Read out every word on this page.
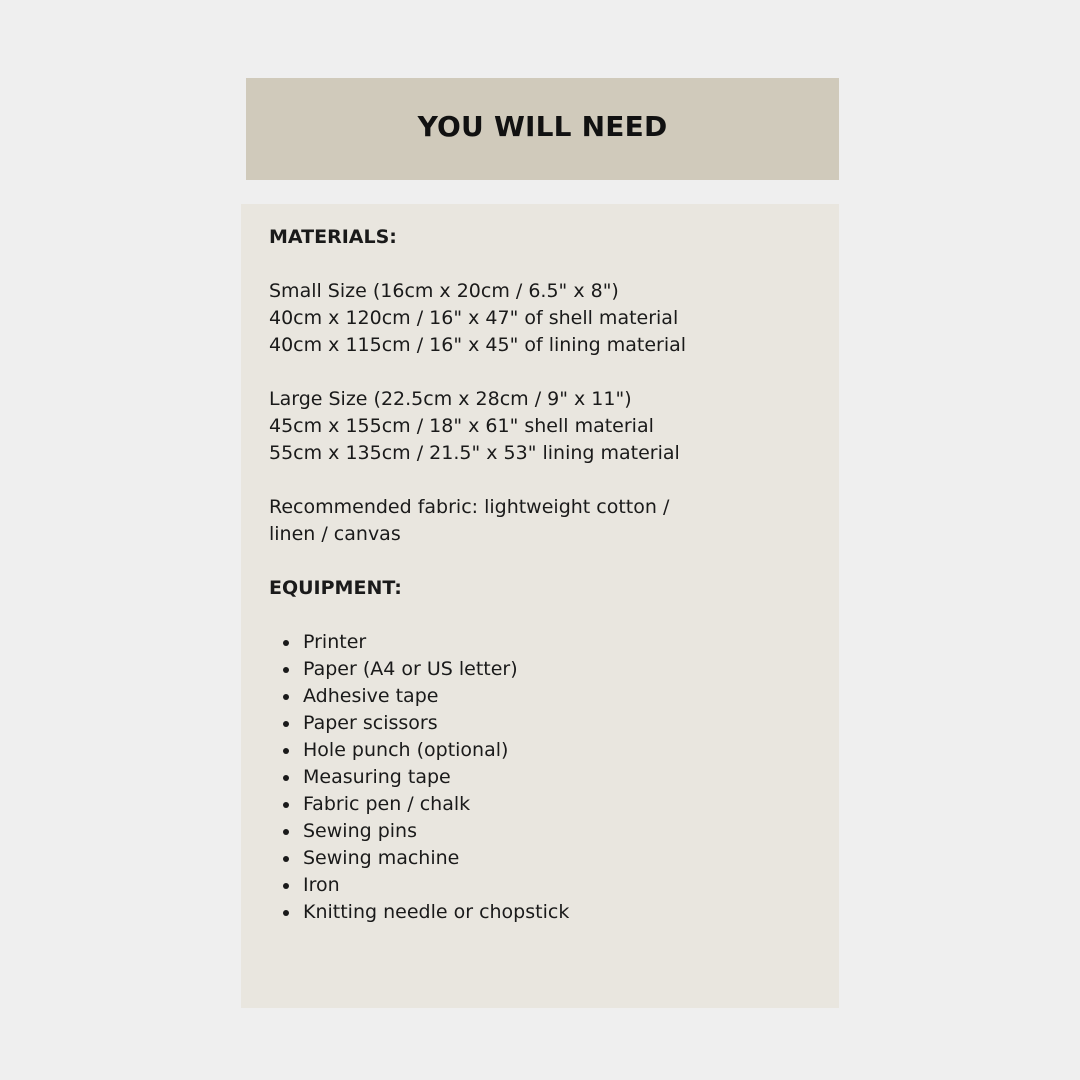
YOU WILL NEED
MATERIALS:
Small Size (16cm x 20cm / 6.5" x 8")
40cm x 120cm / 16" x 47" of shell material
40cm x 115cm / 16" x 45" of lining material
Large Size (22.5cm x 28cm / 9" x 11")
45cm x 155cm / 18" x 61" shell material
55cm x 135cm / 21.5" x 53" lining material
Recommended fabric: lightweight cotton /
linen / canvas
EQUIPMENT:
Printer
Paper (A4 or US letter)
Adhesive tape
Paper scissors
Hole punch (optional)
Measuring tape
Fabric pen / chalk
Sewing pins
Sewing machine
Iron
Knitting needle or chopstick
